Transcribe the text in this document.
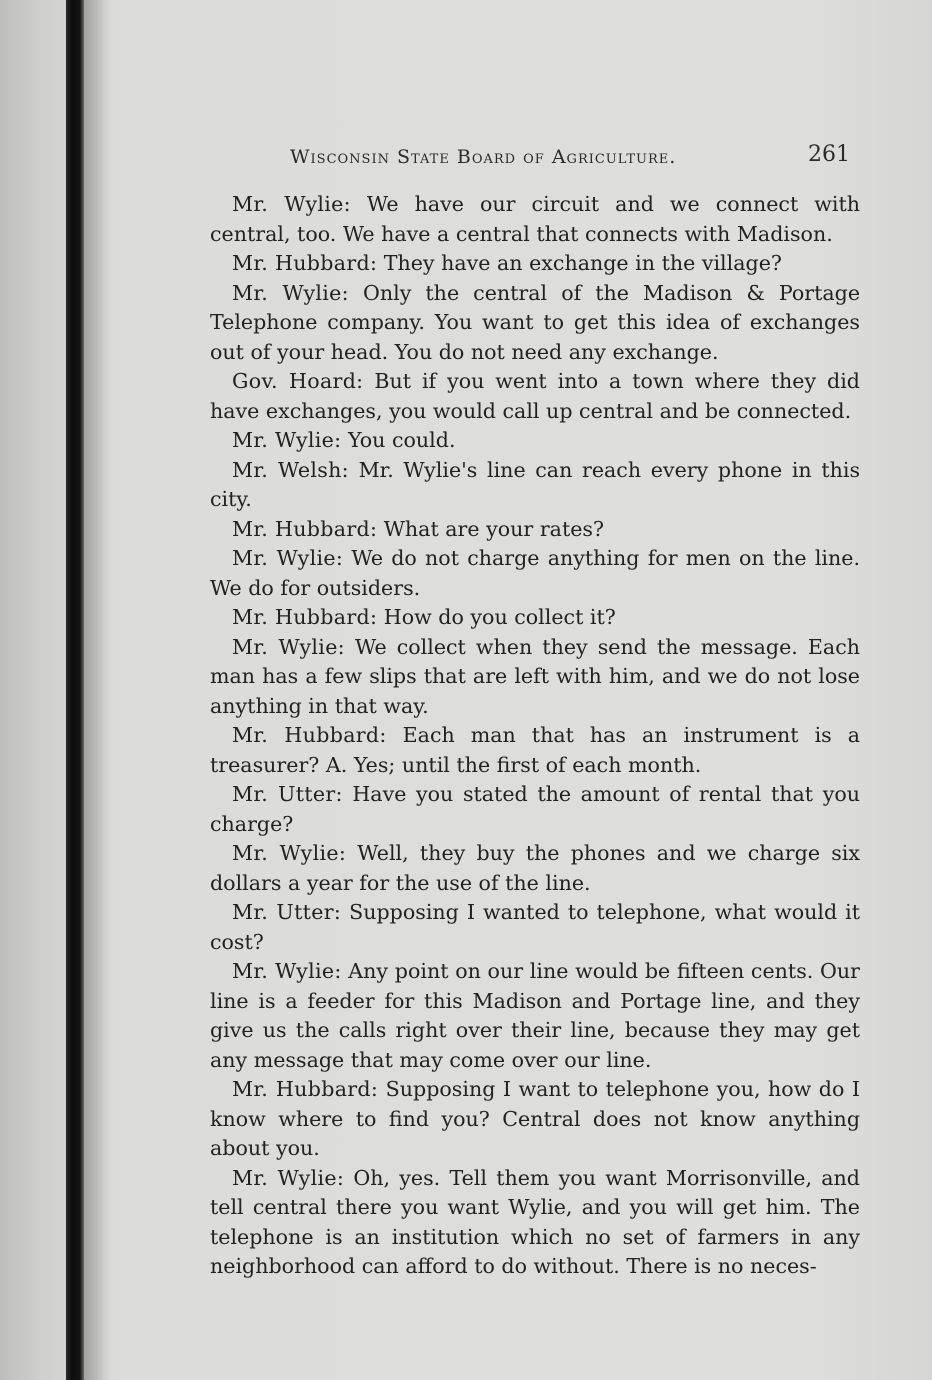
Wisconsin State Board of Agriculture.	261

Mr. Wylie: We have our circuit and we connect with central, too. We have a central that connects with Madison.

Mr. Hubbard: They have an exchange in the village?

Mr. Wylie: Only the central of the Madison & Portage Telephone company. You want to get this idea of exchanges out of your head. You do not need any exchange.

Gov. Hoard: But if you went into a town where they did have exchanges, you would call up central and be connected.

Mr. Wylie: You could.

Mr. Welsh: Mr. Wylie's line can reach every phone in this city.

Mr. Hubbard: What are your rates?

Mr. Wylie: We do not charge anything for men on the line. We do for outsiders.

Mr. Hubbard: How do you collect it?

Mr. Wylie: We collect when they send the message. Each man has a few slips that are left with him, and we do not lose anything in that way.

Mr. Hubbard: Each man that has an instrument is a treasurer? A. Yes; until the first of each month.

Mr. Utter: Have you stated the amount of rental that you charge?

Mr. Wylie: Well, they buy the phones and we charge six dollars a year for the use of the line.

Mr. Utter: Supposing I wanted to telephone, what would it cost?

Mr. Wylie: Any point on our line would be fifteen cents. Our line is a feeder for this Madison and Portage line, and they give us the calls right over their line, because they may get any message that may come over our line.

Mr. Hubbard: Supposing I want to telephone you, how do I know where to find you? Central does not know anything about you.

Mr. Wylie: Oh, yes. Tell them you want Morrisonville, and tell central there you want Wylie, and you will get him. The telephone is an institution which no set of farmers in any neighborhood can afford to do without. There is no neces-
